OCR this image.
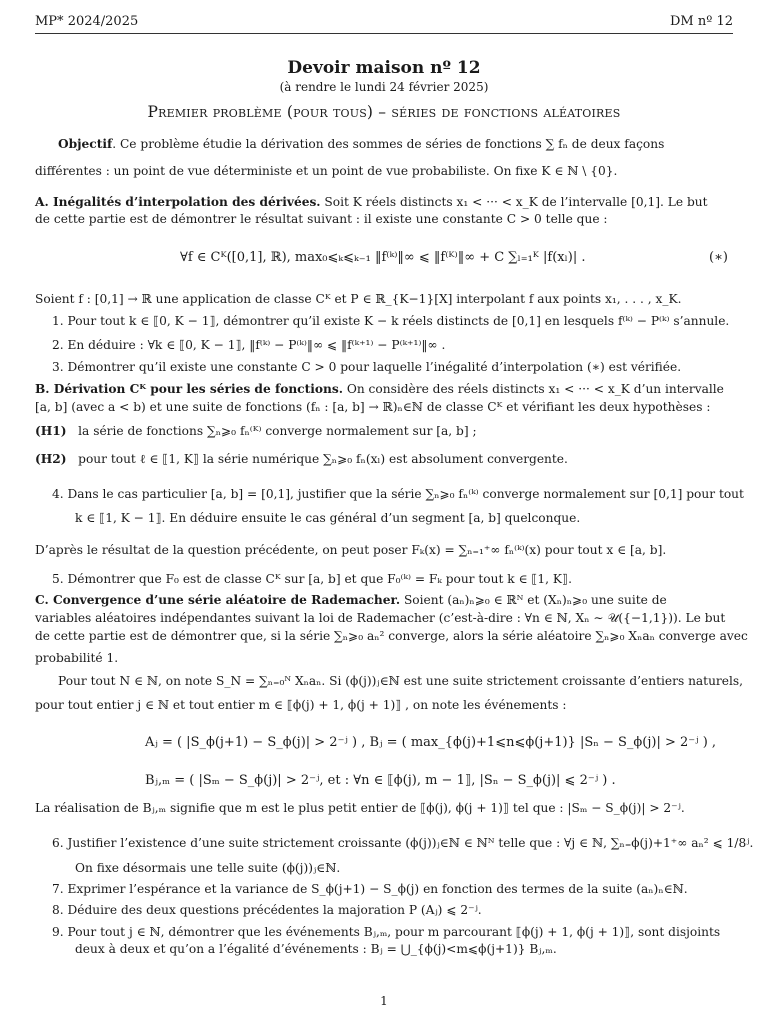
MP* 2024/2025	DM nº 12
Devoir maison nº 12
(à rendre le lundi 24 février 2025)
Premier problème (pour tous) – séries de fonctions aléatoires
Objectif. Ce problème étudie la dérivation des sommes de séries de fonctions ∑ fₙ de deux façons
différentes : un point de vue déterministe et un point de vue probabiliste. On fixe K ∈ ℕ \ {0}.
A. Inégalités d’interpolation des dérivées. Soit K réels distincts x₁ < ··· < x_K de l’intervalle [0,1]. Le but
de cette partie est de démontrer le résultat suivant : il existe une constante C > 0 telle que :
∀f ∈ Cᴷ([0,1], ℝ), max₀⩽ₖ⩽ₖ₋₁ ‖f⁽ᵏ⁾‖∞ ⩽ ‖f⁽ᴷ⁾‖∞ + C ∑ₗ₌₁ᴷ |f(xₗ)| .	(∗)
Soient f : [0,1] → ℝ une application de classe Cᴷ et P ∈ ℝ_{K−1}[X] interpolant f aux points x₁, . . . , x_K.
1. Pour tout k ∈ ⟦0, K − 1⟧, démontrer qu’il existe K − k réels distincts de [0,1] en lesquels f⁽ᵏ⁾ − P⁽ᵏ⁾ s’annule.
2. En déduire : ∀k ∈ ⟦0, K − 1⟧, ‖f⁽ᵏ⁾ − P⁽ᵏ⁾‖∞ ⩽ ‖f⁽ᵏ⁺¹⁾ − P⁽ᵏ⁺¹⁾‖∞ .
3. Démontrer qu’il existe une constante C > 0 pour laquelle l’inégalité d’interpolation (∗) est vérifiée.
B. Dérivation Cᴷ pour les séries de fonctions. On considère des réels distincts x₁ < ··· < x_K d’un intervalle
[a, b] (avec a < b) et une suite de fonctions (fₙ : [a, b] → ℝ)ₙ∈ℕ de classe Cᴷ et vérifiant les deux hypothèses :
(H1) la série de fonctions ∑ₙ⩾₀ fₙ⁽ᴷ⁾ converge normalement sur [a, b] ;
(H2) pour tout ℓ ∈ ⟦1, K⟧ la série numérique ∑ₙ⩾₀ fₙ(xₗ) est absolument convergente.
4. Dans le cas particulier [a, b] = [0,1], justifier que la série ∑ₙ⩾₀ fₙ⁽ᵏ⁾ converge normalement sur [0,1] pour tout
k ∈ ⟦1, K − 1⟧. En déduire ensuite le cas général d’un segment [a, b] quelconque.
D’après le résultat de la question précédente, on peut poser Fₖ(x) = ∑ₙ₌₁⁺∞ fₙ⁽ᵏ⁾(x) pour tout x ∈ [a, b].
5. Démontrer que F₀ est de classe Cᴷ sur [a, b] et que F₀⁽ᵏ⁾ = Fₖ pour tout k ∈ ⟦1, K⟧.
C. Convergence d’une série aléatoire de Rademacher. Soient (aₙ)ₙ⩾₀ ∈ ℝᴺ et (Xₙ)ₙ⩾₀ une suite de
variables aléatoires indépendantes suivant la loi de Rademacher (c’est-à-dire : ∀n ∈ ℕ, Xₙ ∼ 𝒰({−1,1})). Le but
de cette partie est de démontrer que, si la série ∑ₙ⩾₀ aₙ² converge, alors la série aléatoire ∑ₙ⩾₀ Xₙaₙ converge avec
probabilité 1.
Pour tout N ∈ ℕ, on note S_N = ∑ₙ₌₀ᴺ Xₙaₙ. Si (ϕ(j))ⱼ∈ℕ est une suite strictement croissante d’entiers naturels,
pour tout entier j ∈ ℕ et tout entier m ∈ ⟦ϕ(j) + 1, ϕ(j + 1)⟧ , on note les événements :
Aⱼ = ( |S_ϕ(j+1) − S_ϕ(j)| > 2⁻ʲ ) , Bⱼ = ( max_{ϕ(j)+1⩽n⩽ϕ(j+1)} |Sₙ − S_ϕ(j)| > 2⁻ʲ ) ,
Bⱼ,ₘ = ( |Sₘ − S_ϕ(j)| > 2⁻ʲ, et : ∀n ∈ ⟦ϕ(j), m − 1⟧, |Sₙ − S_ϕ(j)| ⩽ 2⁻ʲ ) .
La réalisation de Bⱼ,ₘ signifie que m est le plus petit entier de ⟦ϕ(j), ϕ(j + 1)⟧ tel que : |Sₘ − S_ϕ(j)| > 2⁻ʲ.
6. Justifier l’existence d’une suite strictement croissante (ϕ(j))ⱼ∈ℕ ∈ ℕᴺ telle que : ∀j ∈ ℕ, ∑ₙ₌ϕ(j)+1⁺∞ aₙ² ⩽ 1/8ʲ.
On fixe désormais une telle suite (ϕ(j))ⱼ∈ℕ.
7. Exprimer l’espérance et la variance de S_ϕ(j+1) − S_ϕ(j) en fonction des termes de la suite (aₙ)ₙ∈ℕ.
8. Déduire des deux questions précédentes la majoration P (Aⱼ) ⩽ 2⁻ʲ.
9. Pour tout j ∈ ℕ, démontrer que les événements Bⱼ,ₘ, pour m parcourant ⟦ϕ(j) + 1, ϕ(j + 1)⟧, sont disjoints
deux à deux et qu’on a l’égalité d’événements : Bⱼ = ⋃_{ϕ(j)<m⩽ϕ(j+1)} Bⱼ,ₘ.
1
